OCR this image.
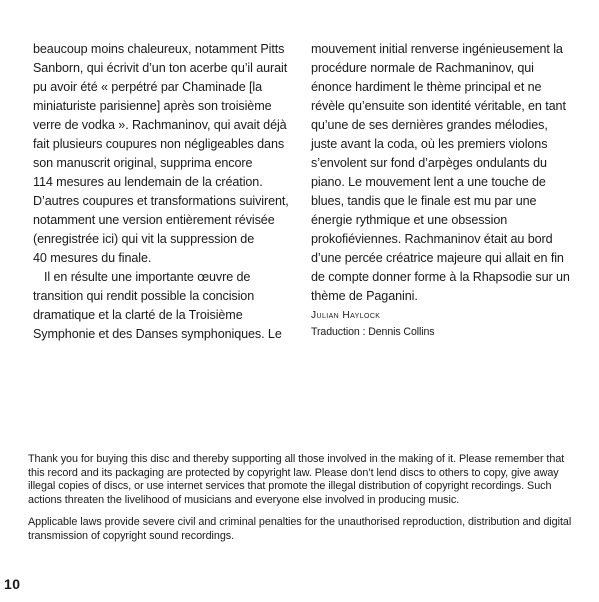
beaucoup moins chaleureux, notamment Pitts
Sanborn, qui écrivit d’un ton acerbe qu’il aurait
pu avoir été « perpétré par Chaminade [la
miniaturiste parisienne] après son troisième
verre de vodka ». Rachmaninov, qui avait déjà
fait plusieurs coupures non négligeables dans
son manuscrit original, supprima encore
114 mesures au lendemain de la création.
D’autres coupures et transformations suivirent,
notamment une version entièrement révisée
(enregistrée ici) qui vit la suppression de
40 mesures du finale.
Il en résulte une importante œuvre de
transition qui rendit possible la concision
dramatique et la clarté de la Troisième
Symphonie et des Danses symphoniques. Le
mouvement initial renverse ingénieusement la
procédure normale de Rachmaninov, qui
énonce hardiment le thème principal et ne
révèle qu’ensuite son identité véritable, en tant
qu’une de ses dernières grandes mélodies,
juste avant la coda, où les premiers violons
s’envolent sur fond d’arpèges ondulants du
piano. Le mouvement lent a une touche de
blues, tandis que le finale est mu par une
énergie rythmique et une obsession
prokofiéviennes. Rachmaninov était au bord
d’une percée créatrice majeure qui allait en fin
de compte donner forme à la Rhapsodie sur un
thème de Paganini.
Julian Haylock
Traduction : Dennis Collins

Thank you for buying this disc and thereby supporting all those involved in the making of it. Please remember that this record and its packaging are protected by copyright law. Please don’t lend discs to others to copy, give away illegal copies of discs, or use internet services that promote the illegal distribution of copyright recordings. Such actions threaten the livelihood of musicians and everyone else involved in producing music.

Applicable laws provide severe civil and criminal penalties for the unauthorised reproduction, distribution and digital transmission of copyright sound recordings.

10
